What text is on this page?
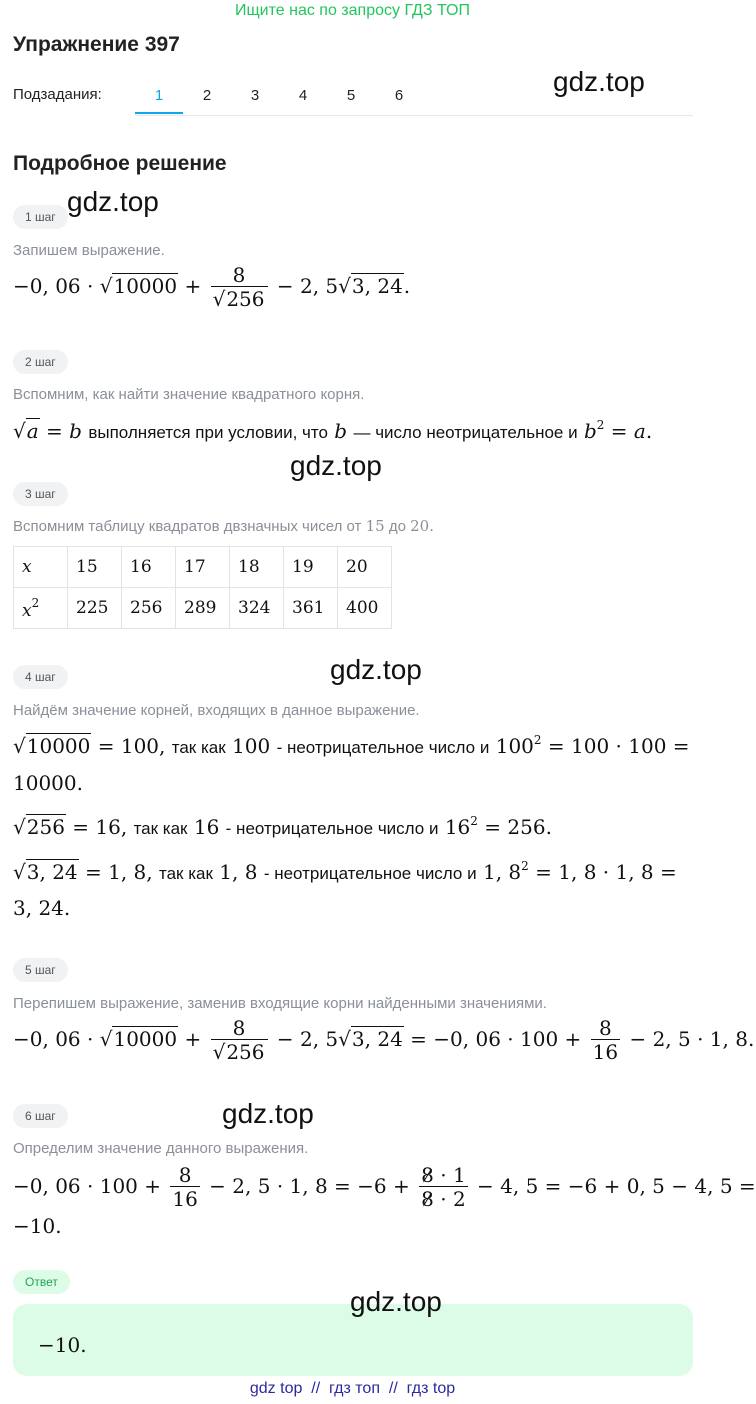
Ищите нас по запросу ГДЗ ТОП
Упражнение 397
Подзадания:	1	2	3	4	5	6	gdz.top
Подробное решение
1 шаг gdz.top
Запишем выражение.
−0, $06 \cdot √10000 + \frac{8}{√256} - 2$, 5√3, 24.
2 шаг
Вспомним, как найти значение квадратного корня.
√a = b выполняется при условии, что b — число неотрицательное и $b^2 = a$.
gdz.top
3 шаг
Вспомним таблицу квадратов двзначных чисел от 15 до 20.
x	15	16	17	18	19	20
$x^2$	225	256	289	324	361	400
4 шаг	gdz.top
Найдём значение корней, входящих в данное выражение.
√10000 = 100, так как 100 - неотрицательное число и $100^2 = 100 \cdot 100$ =
10000.
√256 = 16, так как 16 - неотрицательное число и $16^2 = 256$.
√3, 24 = 1, 8, так как 1, 8 - неотрицательное число и 1, $8^2 = 1$, 8 · 1, 8 =
3, 24.
5 шаг
Перепишем выражение, заменив входящие корни найденными значениями.
−0, $06 \cdot √10000 + \frac{8}{√256} - 2$, 5√3, 24 = −0, $06 \cdot 100 + \frac{8}{16} - 2$, 5 · 1, 8.
6 шаг	gdz.top
Определим значение данного выражения.
−0, $06 \cdot 100 + \frac{8}{16} - 2$, 5 · 1, $8 = -6 + \frac{8 \cdot 1}{8 \cdot 2} - 4$, 5 = −6 + 0, 5 − 4, 5 =
−10.
Ответ
−10.
gdz.top
gdz top  //  гдз топ  //  гдз top
